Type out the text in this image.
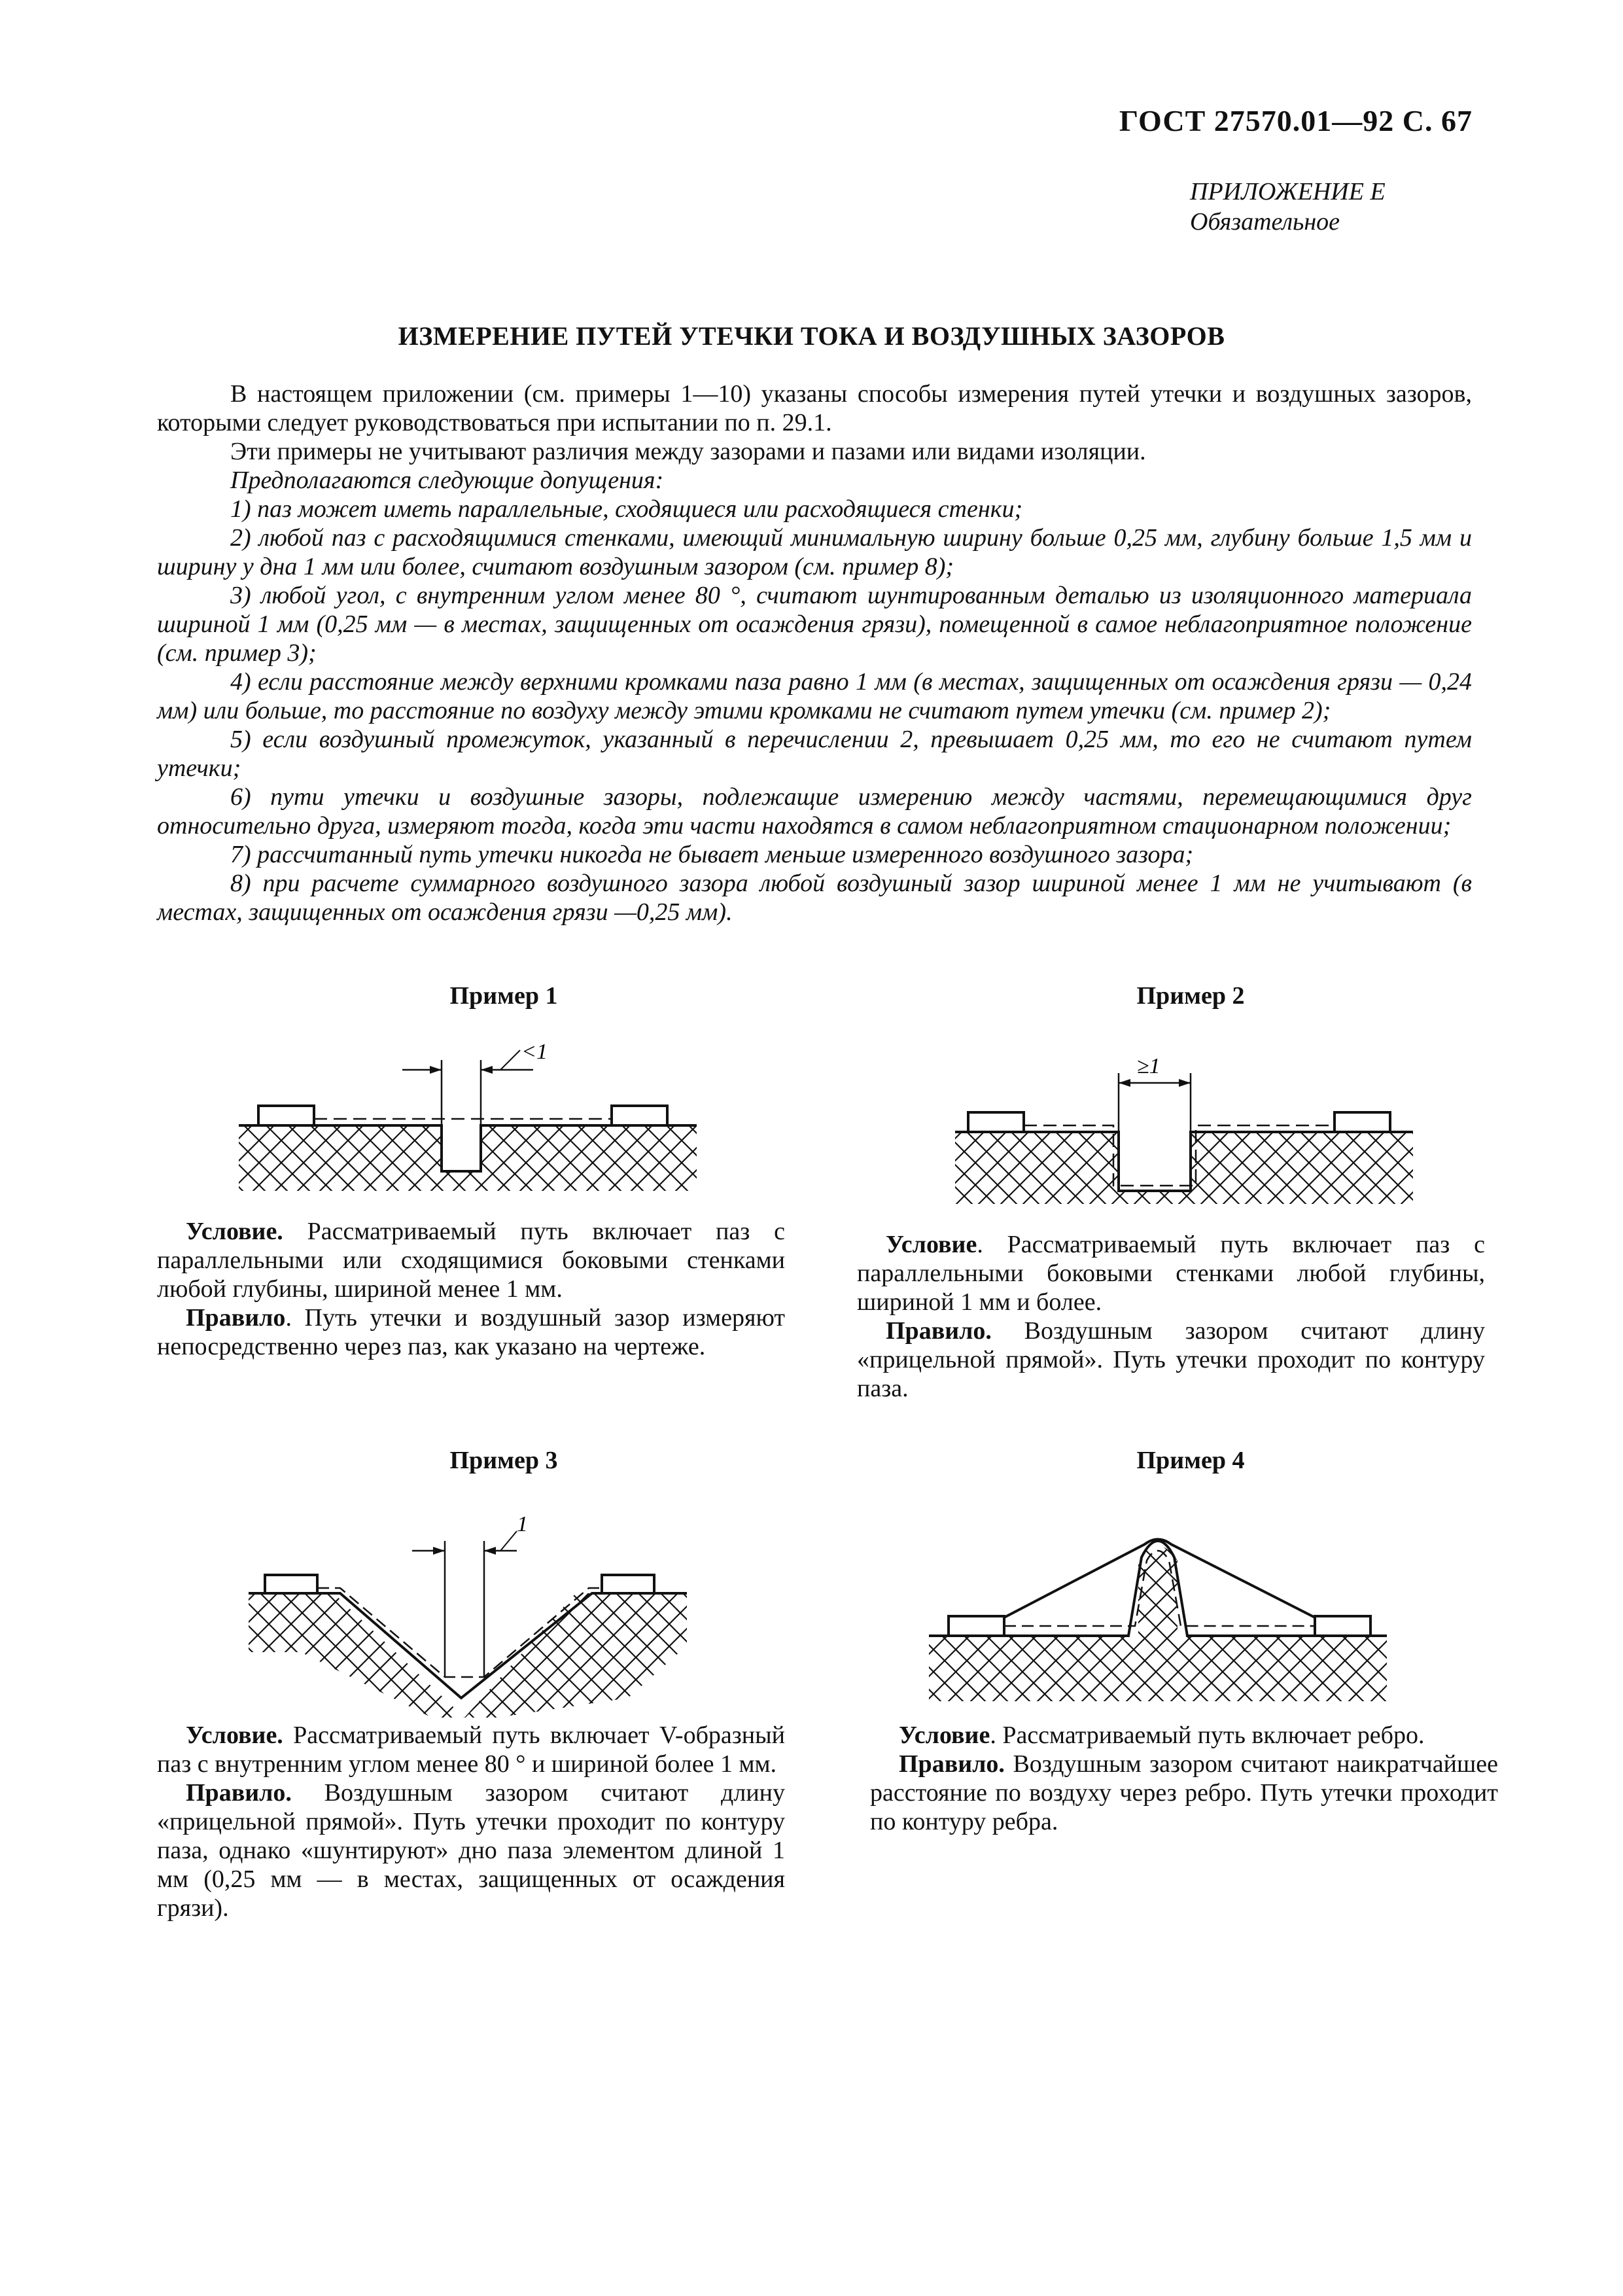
ГОСТ 27570.01—92 С. 67
ПРИЛОЖЕНИЕ Е
Обязательное
ИЗМЕРЕНИЕ ПУТЕЙ УТЕЧКИ ТОКА И ВОЗДУШНЫХ ЗАЗОРОВ

В настоящем приложении (см. примеры 1—10) указаны способы измерения путей утечки и воздушных зазоров, которыми следует руководствоваться при испытании по п. 29.1.

Эти примеры не учитывают различия между зазорами и пазами или видами изоляции.

Предполагаются следующие допущения:

1) паз может иметь параллельные, сходящиеся или расходящиеся стенки;

2) любой паз с расходящимися стенками, имеющий минимальную ширину больше 0,25 мм, глубину больше 1,5 мм и ширину у дна 1 мм или более, считают воздушным зазором (см. пример 8);

3) любой угол, с внутренним углом менее 80 °, считают шунтированным деталью из изоляционного материала шириной 1 мм (0,25 мм — в местах, защищенных от осаждения грязи), помещенной в самое неблагоприятное положение (см. пример 3);

4) если расстояние между верхними кромками паза равно 1 мм (в местах, защищенных от осаждения грязи — 0,24 мм) или больше, то расстояние по воздуху между этими кромками не считают путем утечки (см. пример 2);

5) если воздушный промежуток, указанный в перечислении 2, превышает 0,25 мм, то его не считают путем утечки;

6) пути утечки и воздушные зазоры, подлежащие измерению между частями, перемещающимися друг относительно друга, измеряют тогда, когда эти части находятся в самом неблагоприятном стационарном положении;

7) рассчитанный путь утечки никогда не бывает меньше измеренного воздушного зазора;

8) при расчете суммарного воздушного зазора любой воздушный зазор шириной менее 1 мм не учитывают (в местах, защищенных от осаждения грязи —0,25 мм).

Пример 1
<1

Условие. Рассматриваемый путь включает паз с параллельными или сходящимися боковыми стенками любой глубины, шириной менее 1 мм.

Правило. Путь утечки и воздушный зазор измеряют непосредственно через паз, как указано на чертеже.

Пример 2
≥1

Условие. Рассматриваемый путь включает паз с параллельными боковыми стенками любой глубины, шириной 1 мм и более.

Правило. Воздушным зазором считают длину «прицельной прямой». Путь утечки проходит по контуру паза.

Пример 3
1

Условие. Рассматриваемый путь включает V-образный паз с внутренним углом менее 80 ° и шириной более 1 мм.

Правило. Воздушным зазором считают длину «прицельной прямой». Путь утечки проходит по контуру паза, однако «шунтируют» дно паза элементом длиной 1 мм (0,25 мм — в местах, защищенных от осаждения грязи).

Пример 4

Условие. Рассматриваемый путь включает ребро.

Правило. Воздушным зазором считают наикратчайшее расстояние по воздуху через ребро. Путь утечки проходит по контуру ребра.
